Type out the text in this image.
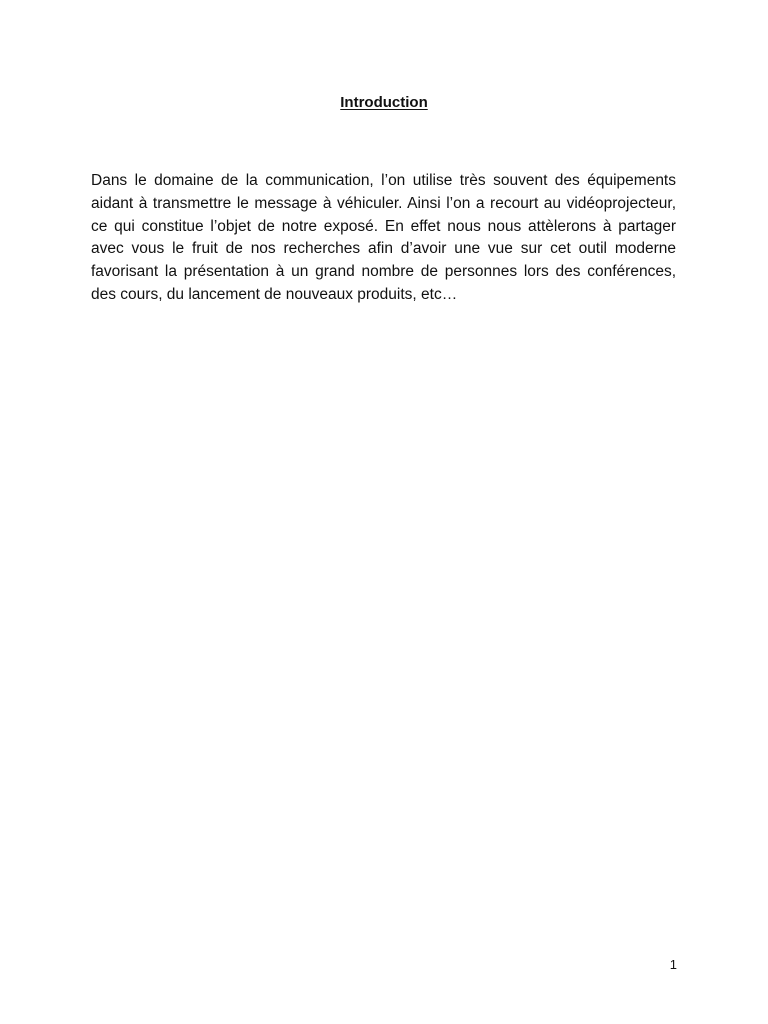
Introduction

Dans le domaine de la communication, l’on utilise très souvent des équipements aidant à transmettre le message à véhiculer. Ainsi l’on a recourt au vidéoprojecteur, ce qui constitue l’objet de notre exposé. En effet nous nous attèlerons à partager avec vous le fruit de nos recherches afin d’avoir une vue sur cet outil moderne favorisant la présentation à un grand nombre de personnes lors des conférences, des cours, du lancement de nouveaux produits, etc…

1
